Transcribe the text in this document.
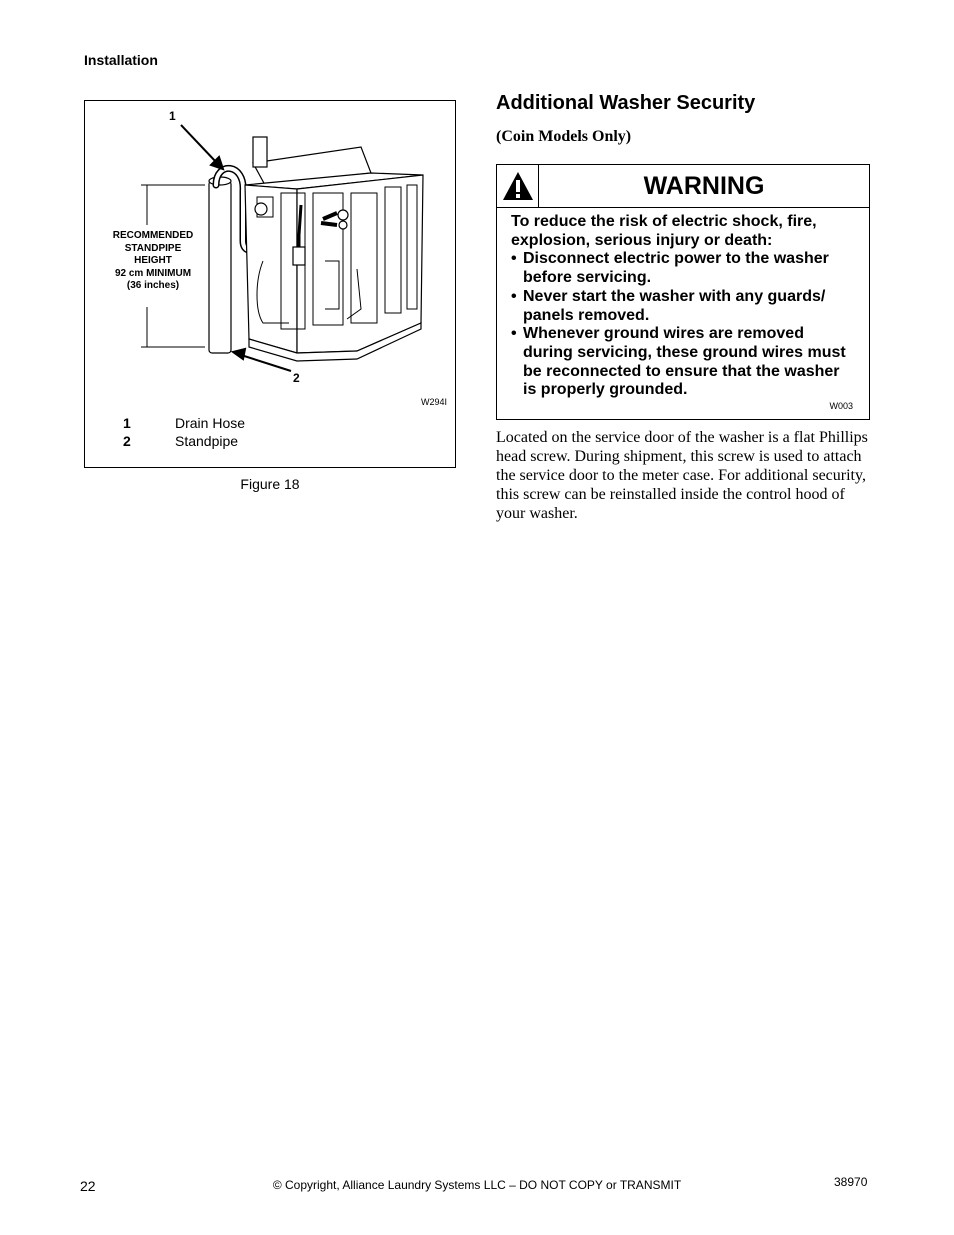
Installation
1
2
RECOMMENDED
STANDPIPE
HEIGHT
92 cm MINIMUM
(36 inches)
W294I
1	Drain Hose
2	Standpipe
Figure 18
Additional Washer Security
(Coin Models Only)
WARNING
To reduce the risk of electric shock, fire, explosion, serious injury or death:
• Disconnect electric power to the washer before servicing.
• Never start the washer with any guards/ panels removed.
• Whenever ground wires are removed during servicing, these ground wires must be reconnected to ensure that the washer is properly grounded.
W003

Located on the service door of the washer is a flat Phillips head screw. During shipment, this screw is used to attach the service door to the meter case. For additional security, this screw can be reinstalled inside the control hood of your washer.

22	© Copyright, Alliance Laundry Systems LLC – DO NOT COPY or TRANSMIT	38970
